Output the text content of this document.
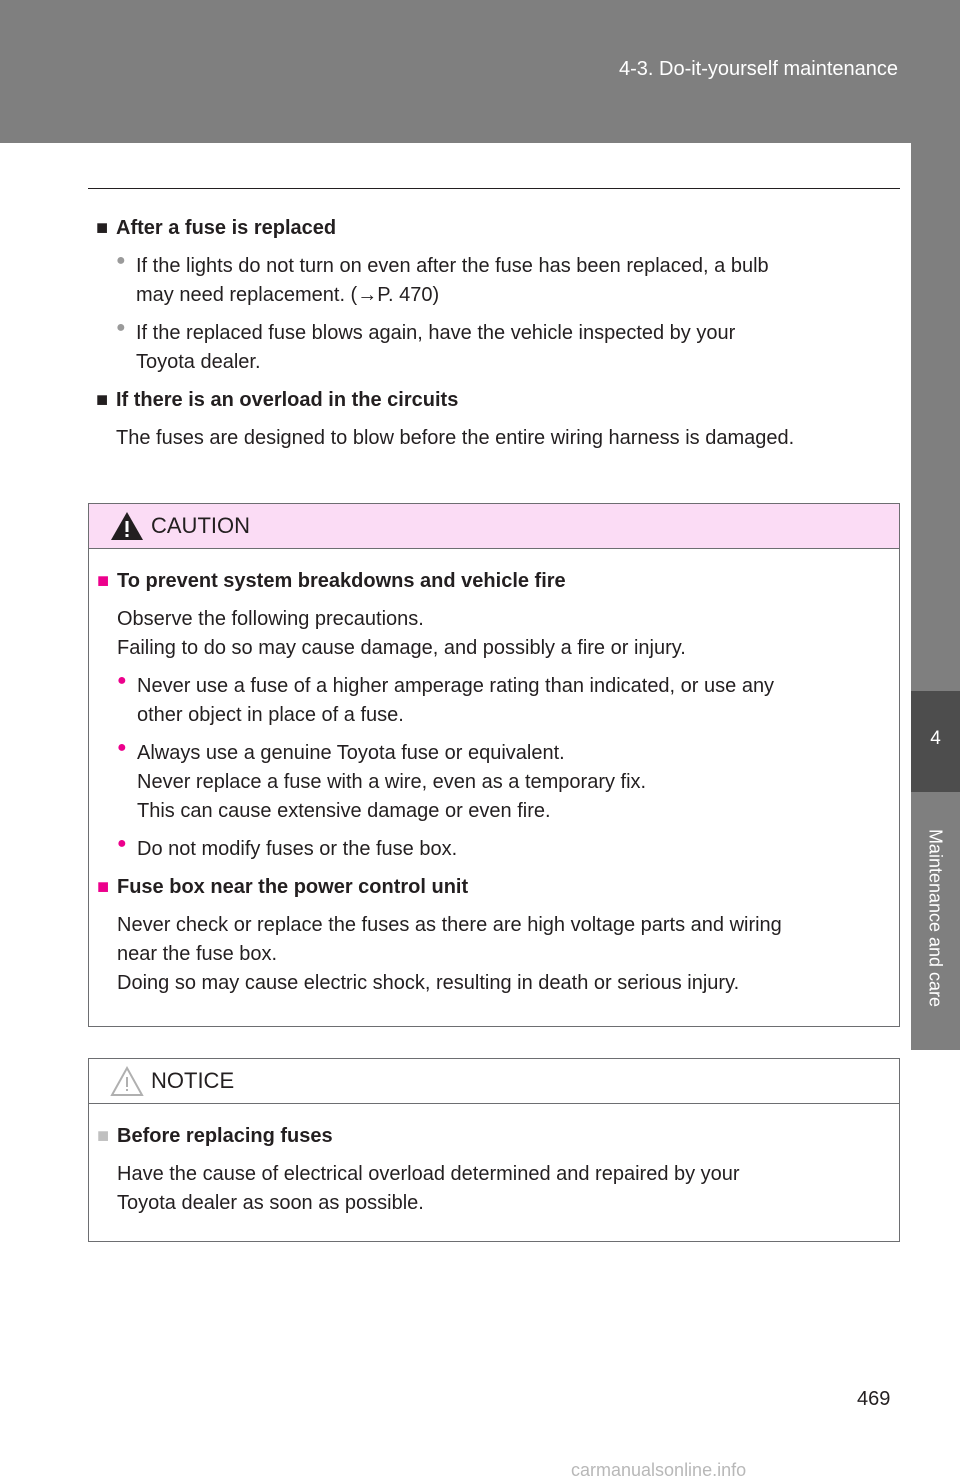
4-3. Do-it-yourself maintenance
4
Maintenance and care
■ After a fuse is replaced
● If the lights do not turn on even after the fuse has been replaced, a bulb
may need replacement. (→P. 470)
● If the replaced fuse blows again, have the vehicle inspected by your
Toyota dealer.
■ If there is an overload in the circuits
The fuses are designed to blow before the entire wiring harness is damaged.
CAUTION
■ To prevent system breakdowns and vehicle fire
Observe the following precautions.
Failing to do so may cause damage, and possibly a fire or injury.
● Never use a fuse of a higher amperage rating than indicated, or use any
other object in place of a fuse.
● Always use a genuine Toyota fuse or equivalent.
Never replace a fuse with a wire, even as a temporary fix.
This can cause extensive damage or even fire.
● Do not modify fuses or the fuse box.
■ Fuse box near the power control unit
Never check or replace the fuses as there are high voltage parts and wiring
near the fuse box.
Doing so may cause electric shock, resulting in death or serious injury.
NOTICE
■ Before replacing fuses
Have the cause of electrical overload determined and repaired by your
Toyota dealer as soon as possible.
469
carmanualsonline.info
